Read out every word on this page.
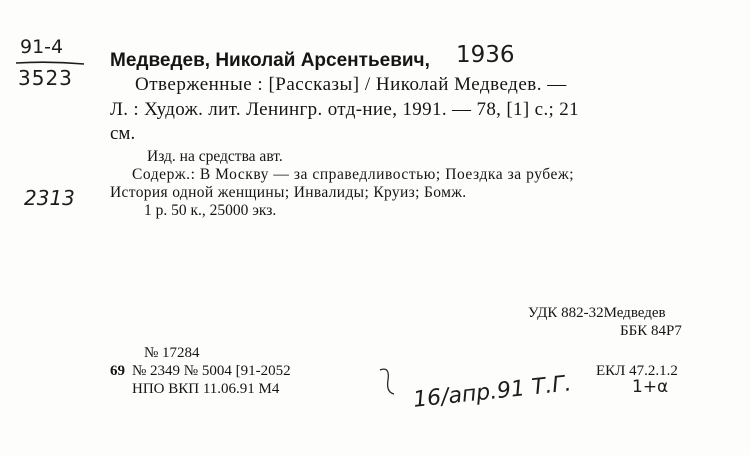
91-4
3523
Медведев, Николай Арсентьевич, 1936
Отверженные : [Рассказы] / Николай Медведев. —
Л. : Худож. лит. Ленингр. отд-ние, 1991. — 78, [1] с.; 21
см.
Изд. на средства авт.
Содерж.: В Москву — за справедливостью; Поездка за рубеж;
История одной женщины; Инвалиды; Круиз; Бомж.
1 р. 50 к., 25000 экз.
2313
УДК 882-32Медведев
ББК 84Р7
№ 17284
69 № 2349 № 5004 [91-2052
НПО ВКП 11.06.91 М4
ЕКЛ 47.2.1.2
1+α
16/апр.91 Т.Г.
